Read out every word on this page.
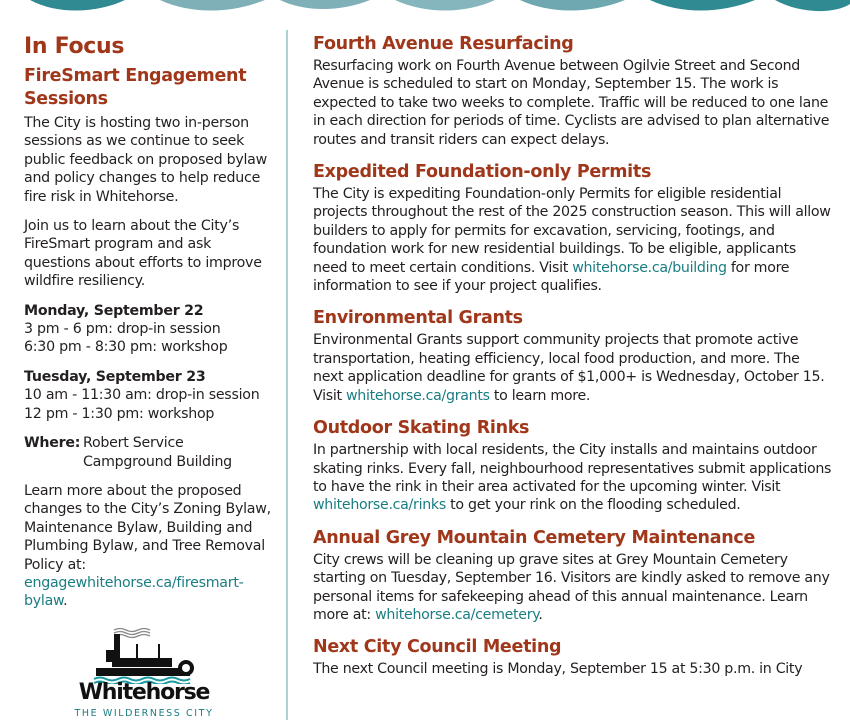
In Focus
FireSmart Engagement Sessions

The City is hosting two in-person sessions as we continue to seek public feedback on proposed bylaw and policy changes to help reduce fire risk in Whitehorse.

Join us to learn about the City’s FireSmart program and ask questions about efforts to improve wildfire resiliency.

Monday, September 22
3 pm - 6 pm: drop-in session
6:30 pm - 8:30 pm: workshop

Tuesday, September 23
10 am - 11:30 am: drop-in session
12 pm - 1:30 pm: workshop

Where: Robert Service
Campground Building

Learn more about the proposed changes to the City’s Zoning Bylaw, Maintenance Bylaw, Building and Plumbing Bylaw, and Tree Removal Policy at: engagewhitehorse.ca/firesmart-bylaw.

Whitehorse
THE WILDERNESS CITY
Fourth Avenue Resurfacing

Resurfacing work on Fourth Avenue between Ogilvie Street and Second Avenue is scheduled to start on Monday, September 15. The work is expected to take two weeks to complete. Traffic will be reduced to one lane in each direction for periods of time. Cyclists are advised to plan alternative routes and transit riders can expect delays.

Expedited Foundation-only Permits

The City is expediting Foundation-only Permits for eligible residential projects throughout the rest of the 2025 construction season. This will allow builders to apply for permits for excavation, servicing, footings, and foundation work for new residential buildings. To be eligible, applicants need to meet certain conditions. Visit whitehorse.ca/building for more information to see if your project qualifies.

Environmental Grants

Environmental Grants support community projects that promote active transportation, heating efficiency, local food production, and more. The next application deadline for grants of $1,000+ is Wednesday, October 15. Visit whitehorse.ca/grants to learn more.

Outdoor Skating Rinks

In partnership with local residents, the City installs and maintains outdoor skating rinks. Every fall, neighbourhood representatives submit applications to have the rink in their area activated for the upcoming winter. Visit whitehorse.ca/rinks to get your rink on the flooding scheduled.

Annual Grey Mountain Cemetery Maintenance

City crews will be cleaning up grave sites at Grey Mountain Cemetery starting on Tuesday, September 16. Visitors are kindly asked to remove any personal items for safekeeping ahead of this annual maintenance. Learn more at: whitehorse.ca/cemetery.

Next City Council Meeting

The next Council meeting is Monday, September 15 at 5:30 p.m. in City
